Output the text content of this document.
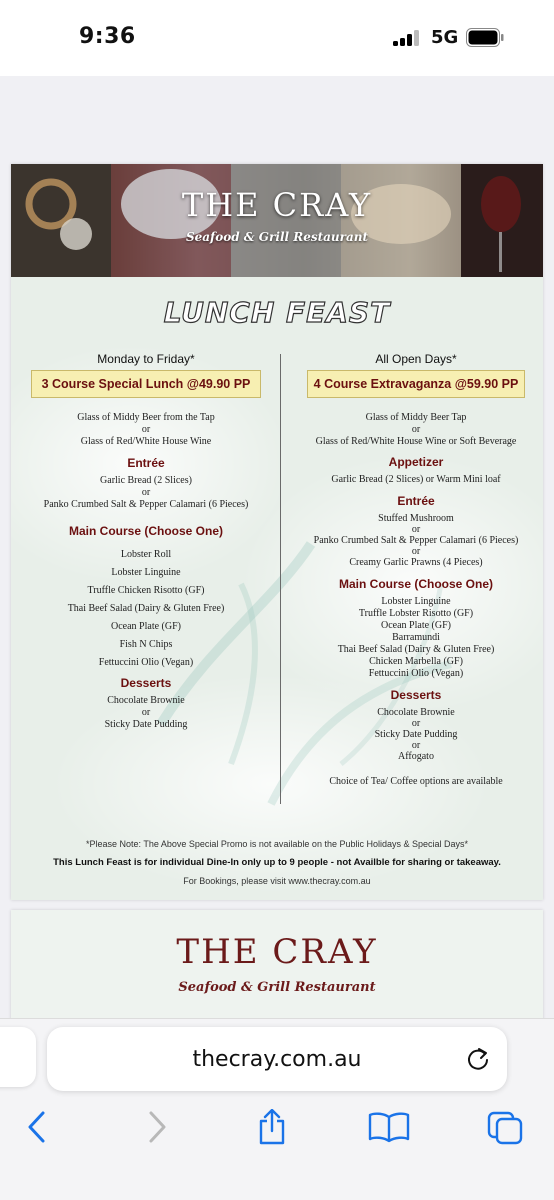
9:36	5G
THE CRAY
Seafood & Grill Restaurant
LUNCH FEAST
Monday to Friday*
3 Course Special Lunch @49.90 PP
Glass of Middy Beer from the Tap
or
Glass of Red/White House Wine
Entrée
Garlic Bread (2 Slices)
or
Panko Crumbed Salt & Pepper Calamari (6 Pieces)
Main Course (Choose One)
Lobster Roll
Lobster Linguine
Truffle Chicken Risotto (GF)
Thai Beef Salad (Dairy & Gluten Free)
Ocean Plate (GF)
Fish N Chips
Fettuccini Olio (Vegan)
Desserts
Chocolate Brownie
or
Sticky Date Pudding
All Open Days*
4 Course Extravaganza @59.90 PP
Glass of Middy Beer Tap
or
Glass of Red/White House Wine or Soft Beverage
Appetizer
Garlic Bread (2 Slices) or Warm Mini loaf
Entrée
Stuffed Mushroom
or
Panko Crumbed Salt & Pepper Calamari (6 Pieces)
or
Creamy Garlic Prawns (4 Pieces)
Main Course (Choose One)
Lobster Linguine
Truffle Lobster Risotto (GF)
Ocean Plate (GF)
Barramundi
Thai Beef Salad (Dairy & Gluten Free)
Chicken Marbella (GF)
Fettuccini Olio (Vegan)
Desserts
Chocolate Brownie
or
Sticky Date Pudding
or
Affogato
Choice of Tea/ Coffee options are available
*Please Note: The Above Special Promo is not available on the Public Holidays & Special Days*
This Lunch Feast is for individual Dine-In only up to 9 people - not Availble for sharing or takeaway.
For Bookings, please visit www.thecray.com.au
THE CRAY
Seafood & Grill Restaurant
thecray.com.au
